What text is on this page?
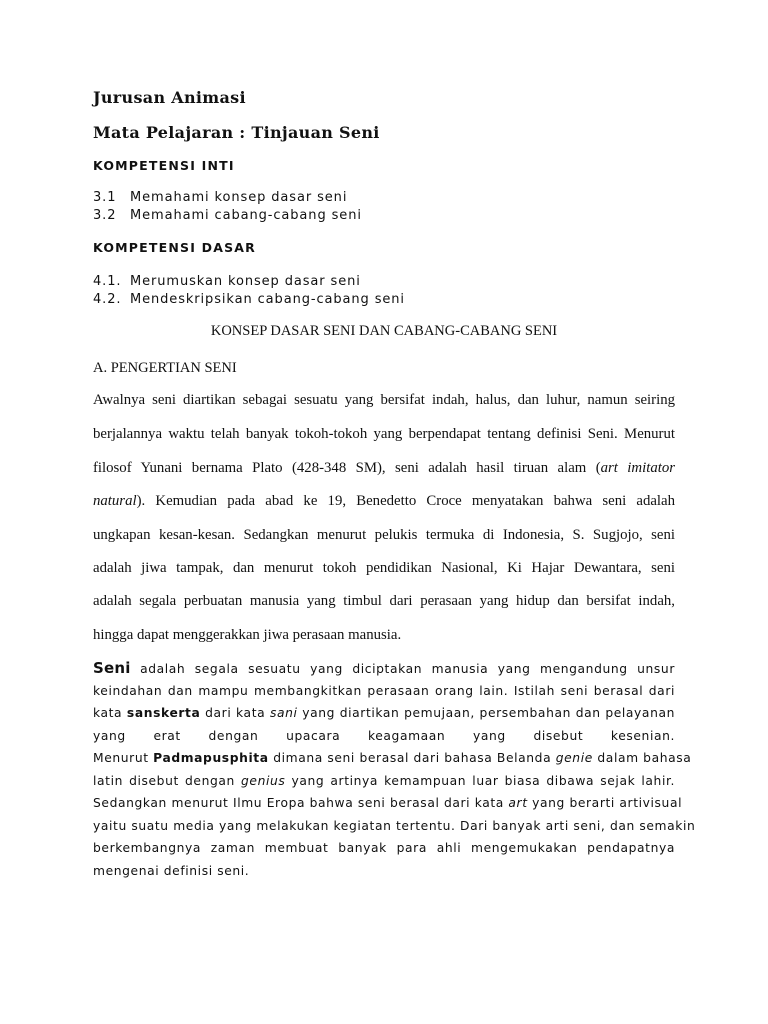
Jurusan Animasi
Mata Pelajaran : Tinjauan Seni
KOMPETENSI INTI
3.1	Memahami konsep dasar seni
3.2	Memahami cabang-cabang seni
KOMPETENSI DASAR
4.1. Merumuskan konsep dasar seni
4.2. Mendeskripsikan cabang-cabang seni
KONSEP DASAR SENI DAN CABANG-CABANG SENI
A. PENGERTIAN SENI
Awalnya seni diartikan sebagai sesuatu yang bersifat indah, halus, dan luhur, namun seiring
berjalannya waktu telah banyak tokoh-tokoh yang berpendapat tentang definisi Seni. Menurut
filosof Yunani bernama Plato (428-348 SM), seni adalah hasil tiruan alam (art imitator
natural). Kemudian pada abad ke 19, Benedetto Croce menyatakan bahwa seni adalah
ungkapan kesan-kesan. Sedangkan menurut pelukis termuka di Indonesia, S. Sugjojo, seni
adalah jiwa tampak, dan menurut tokoh pendidikan Nasional, Ki Hajar Dewantara, seni
adalah segala perbuatan manusia yang timbul dari perasaan yang hidup dan bersifat indah,
hingga dapat menggerakkan jiwa perasaan manusia.
Seni adalah segala sesuatu yang diciptakan manusia yang mengandung unsur
keindahan dan mampu membangkitkan perasaan orang lain. Istilah seni berasal dari
kata sanskerta dari kata sani yang diartikan pemujaan, persembahan dan pelayanan
yang erat dengan upacara keagamaan yang disebut kesenian.
Menurut Padmapusphita dimana seni berasal dari bahasa Belanda genie dalam bahasa
latin disebut dengan genius yang artinya kemampuan luar biasa dibawa sejak lahir.
Sedangkan menurut Ilmu Eropa bahwa seni berasal dari kata art yang berarti artivisual
yaitu suatu media yang melakukan kegiatan tertentu. Dari banyak arti seni, dan semakin
berkembangnya zaman membuat banyak para ahli mengemukakan pendapatnya
mengenai definisi seni.
